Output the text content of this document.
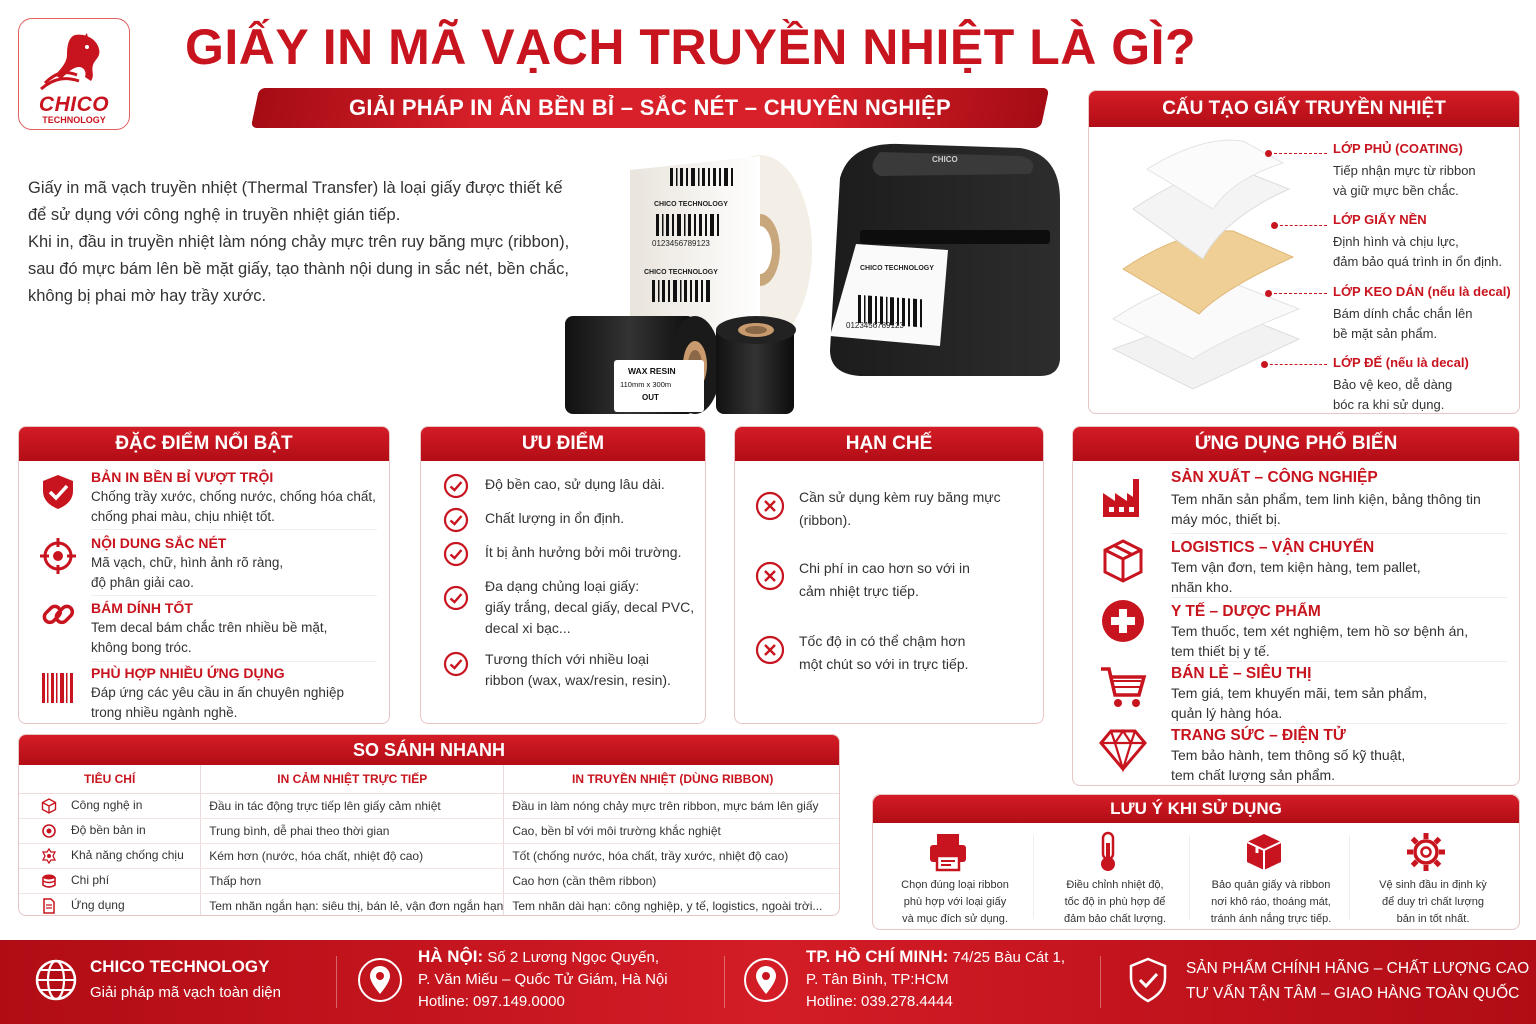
CHICO
TECHNOLOGY
GIẤY IN MÃ VẠCH TRUYỀN NHIỆT LÀ GÌ?
GIẢI PHÁP IN ẤN BỀN BỈ – SẮC NÉT – CHUYÊN NGHIỆP
Giấy in mã vạch truyền nhiệt (Thermal Transfer) là loại giấy được thiết kế
để sử dụng với công nghệ in truyền nhiệt gián tiếp.
Khi in, đầu in truyền nhiệt làm nóng chảy mực trên ruy băng mực (ribbon),
sau đó mực bám lên bề mặt giấy, tạo thành nội dung in sắc nét, bền chắc,
không bị phai mờ hay trầy xước.
CHICO TECHNOLOGY
0123456789123
CHICO TECHNOLOGY
CHICO
CHICO TECHNOLOGY
0123456789123
WAX RESIN
110mm x 300m
OUT
CẤU TẠO GIẤY TRUYỀN NHIỆT
LỚP PHỦ (COATING)
Tiếp nhận mực từ ribbon
và giữ mực bền chắc.
LỚP GIẤY NỀN
Định hình và chịu lực,
đảm bảo quá trình in ổn định.
LỚP KEO DÁN (nếu là decal)
Bám dính chắc chắn lên
bề mặt sản phẩm.
LỚP ĐẾ (nếu là decal)
Bảo vệ keo, dễ dàng
bóc ra khi sử dụng.
ĐẶC ĐIỂM NỔI BẬT
BẢN IN BỀN BỈ VƯỢT TRỘI
Chống trầy xước, chống nước, chống hóa chất,
chống phai màu, chịu nhiệt tốt.
NỘI DUNG SẮC NÉT
Mã vạch, chữ, hình ảnh rõ ràng,
độ phân giải cao.
BÁM DÍNH TỐT
Tem decal bám chắc trên nhiều bề mặt,
không bong tróc.
PHÙ HỢP NHIỀU ỨNG DỤNG
Đáp ứng các yêu cầu in ấn chuyên nghiệp
trong nhiều ngành nghề.
ƯU ĐIỂM
Độ bền cao, sử dụng lâu dài.
Chất lượng in ổn định.
Ít bị ảnh hưởng bởi môi trường.
Đa dạng chủng loại giấy:
giấy trắng, decal giấy, decal PVC,
decal xi bạc...
Tương thích với nhiều loại
ribbon (wax, wax/resin, resin).
HẠN CHẾ
Cần sử dụng kèm ruy băng mực
(ribbon).
Chi phí in cao hơn so với in
cảm nhiệt trực tiếp.
Tốc độ in có thể chậm hơn
một chút so với in trực tiếp.
ỨNG DỤNG PHỔ BIẾN
SẢN XUẤT – CÔNG NGHIỆP
Tem nhãn sản phẩm, tem linh kiện, bảng thông tin
máy móc, thiết bị.
LOGISTICS – VẬN CHUYỂN
Tem vận đơn, tem kiện hàng, tem pallet,
nhãn kho.
Y TẾ – DƯỢC PHẨM
Tem thuốc, tem xét nghiệm, tem hồ sơ bệnh án,
tem thiết bị y tế.
BÁN LẺ – SIÊU THỊ
Tem giá, tem khuyến mãi, tem sản phẩm,
quản lý hàng hóa.
TRANG SỨC – ĐIỆN TỬ
Tem bảo hành, tem thông số kỹ thuật,
tem chất lượng sản phẩm.
SO SÁNH NHANH
TIÊU CHÍ	IN CẢM NHIỆT TRỰC TIẾP	IN TRUYỀN NHIỆT (DÙNG RIBBON)
Công nghệ in	Đầu in tác động trực tiếp lên giấy cảm nhiệt	Đầu in làm nóng chảy mực trên ribbon, mực bám lên giấy
Độ bền bản in	Trung bình, dễ phai theo thời gian	Cao, bền bỉ với môi trường khắc nghiệt
Khả năng chống chịu	Kém hơn (nước, hóa chất, nhiệt độ cao)	Tốt (chống nước, hóa chất, trầy xước, nhiệt độ cao)
Chi phí	Thấp hơn	Cao hơn (cần thêm ribbon)
Ứng dụng	Tem nhãn ngắn hạn: siêu thị, bán lẻ, vận đơn ngắn hạn	Tem nhãn dài hạn: công nghiệp, y tế, logistics, ngoài trời...
LƯU Ý KHI SỬ DỤNG
Chọn đúng loại ribbon
phù hợp với loại giấy
và mục đích sử dụng.
Điều chỉnh nhiệt độ,
tốc độ in phù hợp để
đảm bảo chất lượng.
Bảo quản giấy và ribbon
nơi khô ráo, thoáng mát,
tránh ánh nắng trực tiếp.
Vệ sinh đầu in định kỳ
để duy trì chất lượng
bản in tốt nhất.
CHICO TECHNOLOGY
Giải pháp mã vạch toàn diện
HÀ NỘI: Số 2 Lương Ngọc Quyến,
P. Văn Miếu – Quốc Tử Giám, Hà Nội
Hotline: 097.149.0000
TP. HỒ CHÍ MINH: 74/25 Bàu Cát 1,
P. Tân Bình, TP:HCM
Hotline: 039.278.4444
SẢN PHẨM CHÍNH HÃNG – CHẤT LƯỢNG CAO
TƯ VẤN TẬN TÂM – GIAO HÀNG TOÀN QUỐC
